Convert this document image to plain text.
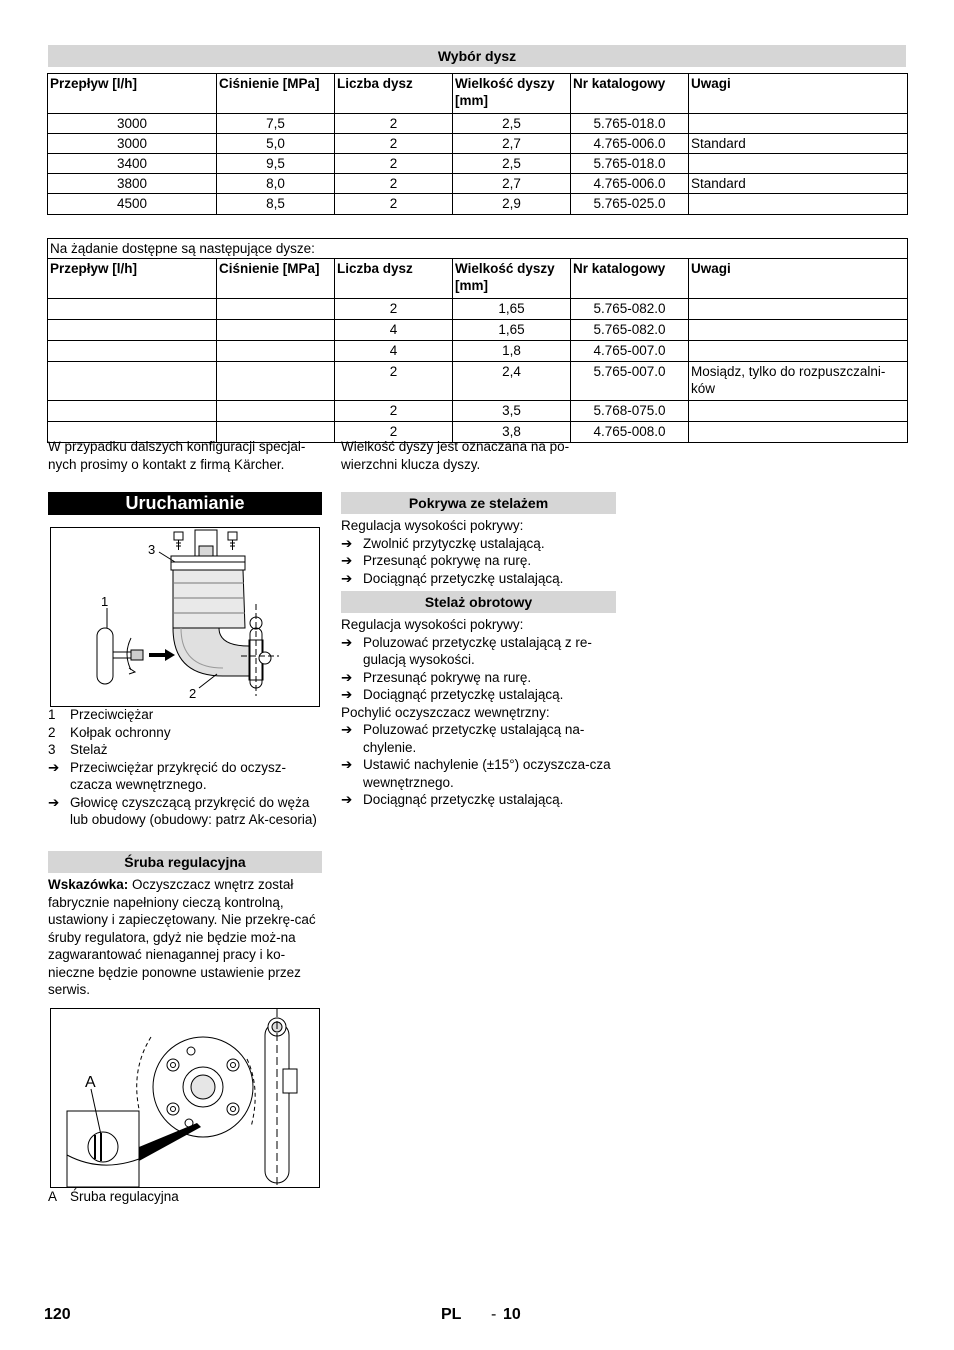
Wybór dysz
Przepływ [l/h]	Ciśnienie [MPa]	Liczba dysz	Wielkość dyszy [mm]	Nr katalogowy	Uwagi
3000	7,5	2	2,5	5.765-018.0	
3000	5,0	2	2,7	4.765-006.0	Standard
3400	9,5	2	2,5	5.765-018.0	
3800	8,0	2	2,7	4.765-006.0	Standard
4500	8,5	2	2,9	5.765-025.0	
Na żądanie dostępne są następujące dysze:					
Przepływ [l/h]	Ciśnienie [MPa]	Liczba dysz	Wielkość dyszy [mm]	Nr katalogowy	Uwagi
		2	1,65	5.765-082.0	
		4	1,65	5.765-082.0	
		4	1,8	4.765-007.0	
		2	2,4	5.765-007.0	Mosiądz, tylko do rozpuszczalni-ków
		2	3,5	5.768-075.0	
		2	3,8	4.765-008.0	
W przypadku dalszych konfiguracji specjal-nych prosimy o kontakt z firmą Kärcher.
Wielkość dyszy jest oznaczana na po-wierzchni klucza dyszy.
Uruchamianie
3
1
2
1 Przeciwciężar
2 Kołpak ochronny
3 Stelaż
➔ Przeciwciężar przykręcić do oczysz-czacza wewnętrznego.
➔ Głowicę czyszczącą przykręcić do węża lub obudowy (obudowy: patrz Ak-cesoria)
Śruba regulacyjna
Wskazówka: Oczyszczacz wnętrz został fabrycznie napełniony cieczą kontrolną, ustawiony i zapieczętowany. Nie przekrę-cać śruby regulatora, gdyż nie będzie moż-na zagwarantować nienagannej pracy i ko-nieczne będzie ponowne ustawienie przez serwis.
A
A Śruba regulacyjna
Pokrywa ze stelażem
Regulacja wysokości pokrywy:
➔ Zwolnić przytyczkę ustalającą.
➔ Przesunąć pokrywę na rurę.
➔ Dociągnąć przetyczkę ustalającą.
Stelaż obrotowy
Regulacja wysokości pokrywy:
➔ Poluzować przetyczkę ustalającą z re-gulacją wysokości.
➔ Przesunąć pokrywę na rurę.
➔ Dociągnąć przetyczkę ustalającą.
Pochylić oczyszczacz wewnętrzny:
➔ Poluzować przetyczkę ustalającą na-chylenie.
➔ Ustawić nachylenie (±15°) oczyszcza-cza wewnętrznego.
➔ Dociągnąć przetyczkę ustalającą.
120	PL - 10
